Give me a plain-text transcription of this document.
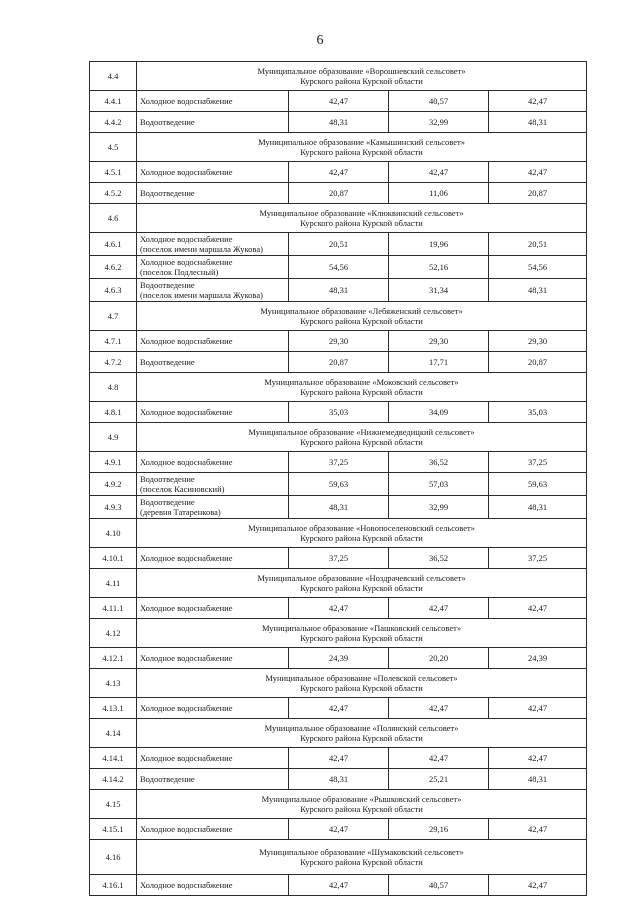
6
4.4	Муниципальное образование «Ворошневский сельсовет»
Курского района Курской области			

4.4.1	Холодное водоснабжение	42,47	40,57	42,47
4.4.2	Водоотведение	48,31	32,99	48,31
4.5	Муниципальное образование «Камышинский сельсовет»
Курского района Курской области			

4.5.1	Холодное водоснабжение	42,47	42,47	42,47
4.5.2	Водоотведение	20,87	11,06	20,87
4.6	Муниципальное образование «Клюквинский сельсовет»
Курского района Курской области			

4.6.1	Холодное водоснабжение
(поселок имени маршала Жукова)	20,51	19,96	20,51
4.6.2	Холодное водоснабжение
(поселок Подлесный)	54,56	52,16	54,56
4.6.3	Водоотведение
(поселок имени маршала Жукова)	48,31	31,34	48,31
4.7	Муниципальное образование «Лебяженский сельсовет»
Курского района Курской области			

4.7.1	Холодное водоснабжение	29,30	29,30	29,30
4.7.2	Водоотведение	20,87	17,71	20,87
4.8	Муниципальное образование «Моковский сельсовет»
Курского района Курской области			

4.8.1	Холодное водоснабжение	35,03	34,09	35,03
4.9	Муниципальное образование «Нижнемедведицкий сельсовет»
Курского района Курской области			

4.9.1	Холодное водоснабжение	37,25	36,52	37,25
4.9.2	Водоотведение
(поселок Касиновский)	59,63	57,03	59,63
4.9.3	Водоотведение
(деревня Татаренкова)	48,31	32,99	48,31
4.10	Муниципальное образование «Новопоселеновский сельсовет»
Курского района Курской области			

4.10.1	Холодное водоснабжение	37,25	36,52	37,25
4.11	Муниципальное образование «Ноздрачевский сельсовет»
Курского района Курской области			

4.11.1	Холодное водоснабжение	42,47	42,47	42,47
4.12	Муниципальное образование «Пашковский сельсовет»
Курского района Курской области			

4.12.1	Холодное водоснабжение	24,39	20,20	24,39
4.13	Муниципальное образование «Полевской сельсовет»
Курского района Курской области			

4.13.1	Холодное водоснабжение	42,47	42,47	42,47
4.14	Муниципальное образование «Полянский сельсовет»
Курского района Курской области			

4.14.1	Холодное водоснабжение	42,47	42,47	42,47
4.14.2	Водоотведение	48,31	25,21	48,31
4.15	Муниципальное образование «Рышковский сельсовет»
Курского района Курской области			

4.15.1	Холодное водоснабжение	42,47	29,16	42,47
4.16	Муниципальное образование «Шумаковский сельсовет»
Курского района Курской области			

4.16.1	Холодное водоснабжение	42,47	40,57	42,47
